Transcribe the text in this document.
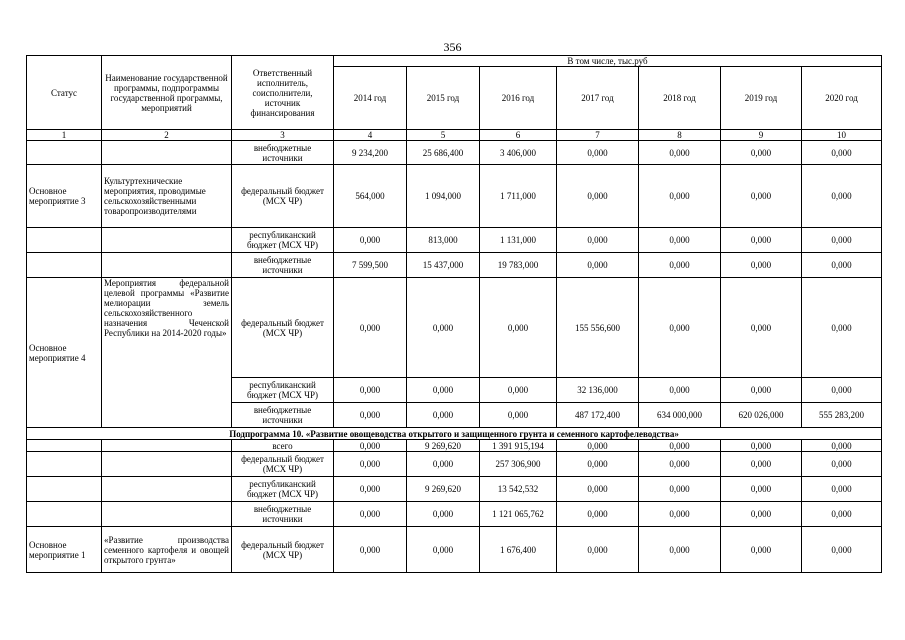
356
Статус	Наименование государственной программы, подпрограммы государственной программы, мероприятий	Ответственный исполнитель, соисполнители, источник финансирования	В том числе, тыс.руб						
			2014 год	2015 год	2016 год	2017 год	2018 год	2019 год	2020 год
1	2	3	4	5	6	7	8	9	10
		внебюджетные источники	9 234,200	25 686,400	3 406,000	0,000	0,000	0,000	0,000
Основное мероприятие 3	Культуртехнические мероприятия, проводимые сельскохозяйственными товаропроизводителями	федеральный бюджет (МСХ ЧР)	564,000	1 094,000	1 711,000	0,000	0,000	0,000	0,000
		республиканский бюджет (МСХ ЧР)	0,000	813,000	1 131,000	0,000	0,000	0,000	0,000
		внебюджетные источники	7 599,500	15 437,000	19 783,000	0,000	0,000	0,000	0,000
Основное мероприятие 4	Мероприятия федеральной целевой программы «Развитие мелиорации земель сельскохозяйственного назначения Чеченской Республики на 2014-2020 годы»	федеральный бюджет (МСХ ЧР)	0,000	0,000	0,000	155 556,600	0,000	0,000	0,000
		республиканский бюджет (МСХ ЧР)	0,000	0,000	0,000	32 136,000	0,000	0,000	0,000
		внебюджетные источники	0,000	0,000	0,000	487 172,400	634 000,000	620 026,000	555 283,200
Подпрограмма 10. «Развитие овощеводства открытого и защищенного грунта и семенного картофелеводства»									
		всего	0,000	9 269,620	1 391 915,194	0,000	0,000	0,000	0,000
		федеральный бюджет (МСХ ЧР)	0,000	0,000	257 306,900	0,000	0,000	0,000	0,000
		республиканский бюджет (МСХ ЧР)	0,000	9 269,620	13 542,532	0,000	0,000	0,000	0,000
		внебюджетные источники	0,000	0,000	1 121 065,762	0,000	0,000	0,000	0,000
Основное мероприятие 1	«Развитие производства семенного картофеля и овощей открытого грунта»	федеральный бюджет (МСХ ЧР)	0,000	0,000	1 676,400	0,000	0,000	0,000	0,000
